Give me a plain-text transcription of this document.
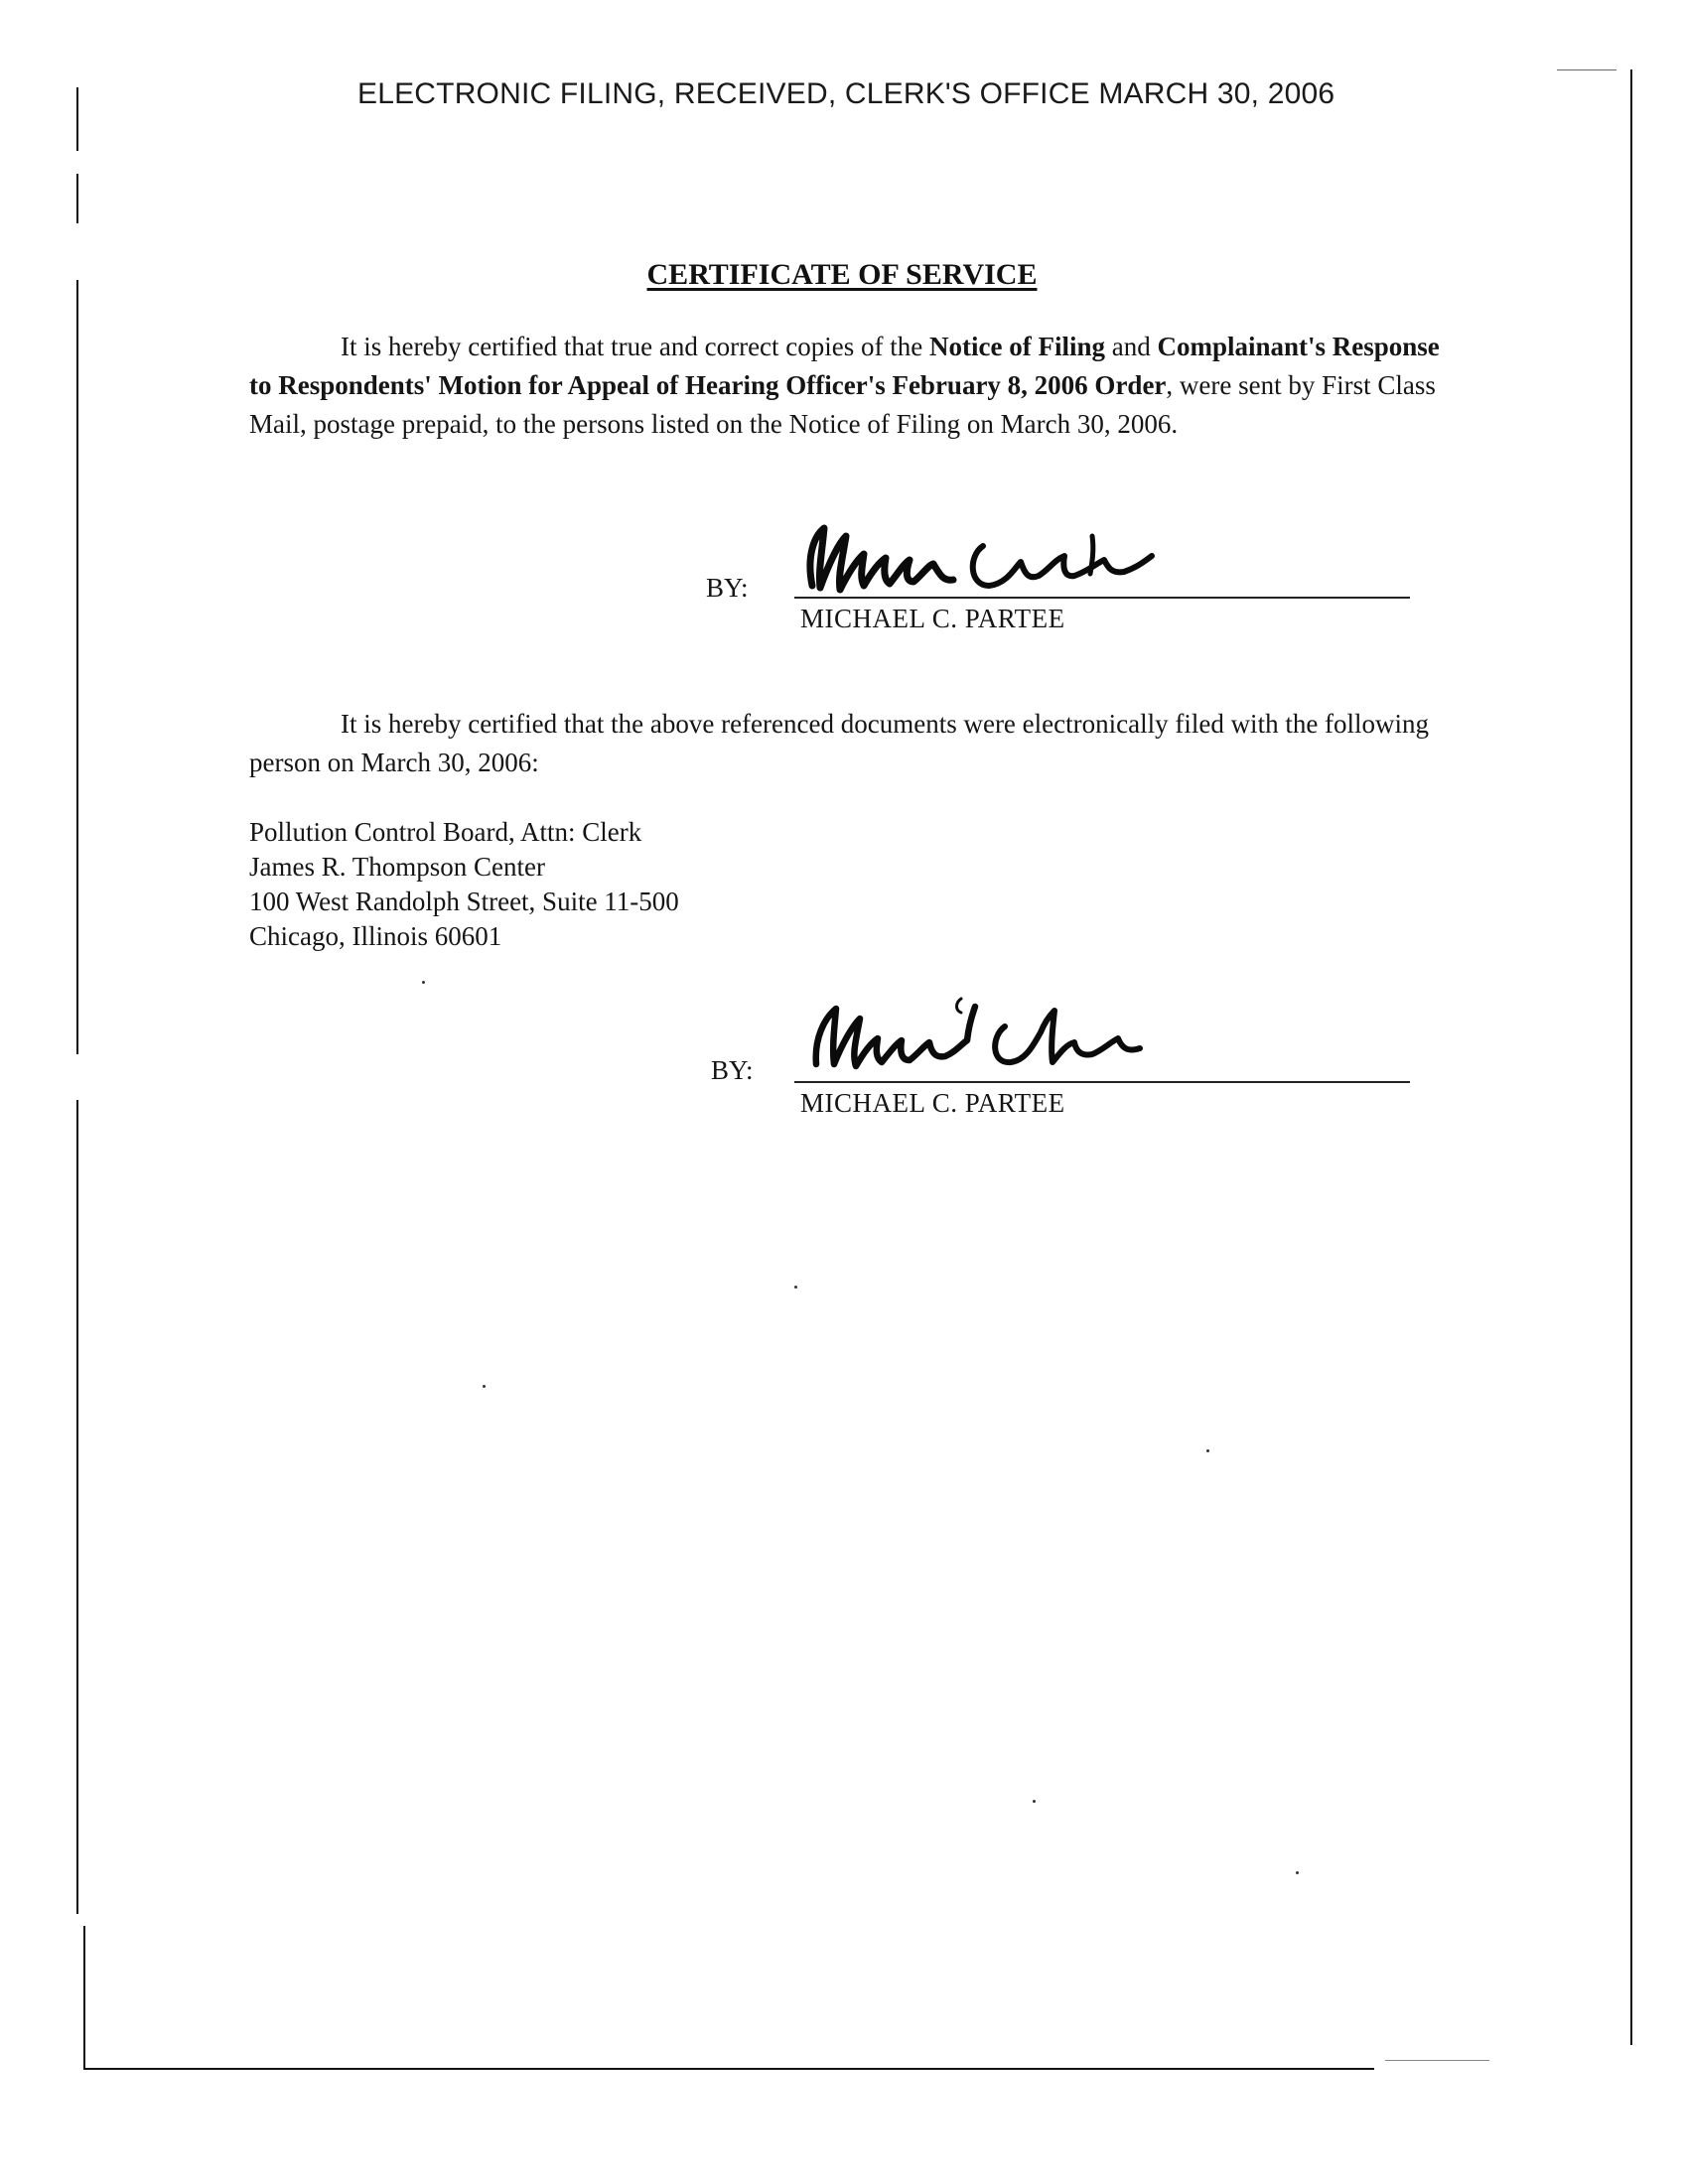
ELECTRONIC FILING, RECEIVED, CLERK'S OFFICE MARCH 30, 2006
CERTIFICATE OF SERVICE
It is hereby certified that true and correct copies of the Notice of Filing and Complainant's Response to Respondents' Motion for Appeal of Hearing Officer's February 8, 2006 Order, were sent by First Class Mail, postage prepaid, to the persons listed on the Notice of Filing on March 30, 2006.
BY:
MICHAEL C. PARTEE
It is hereby certified that the above referenced documents were electronically filed with the following person on March 30, 2006:
Pollution Control Board, Attn: Clerk
James R. Thompson Center
100 West Randolph Street, Suite 11-500
Chicago, Illinois 60601
BY:
MICHAEL C. PARTEE
